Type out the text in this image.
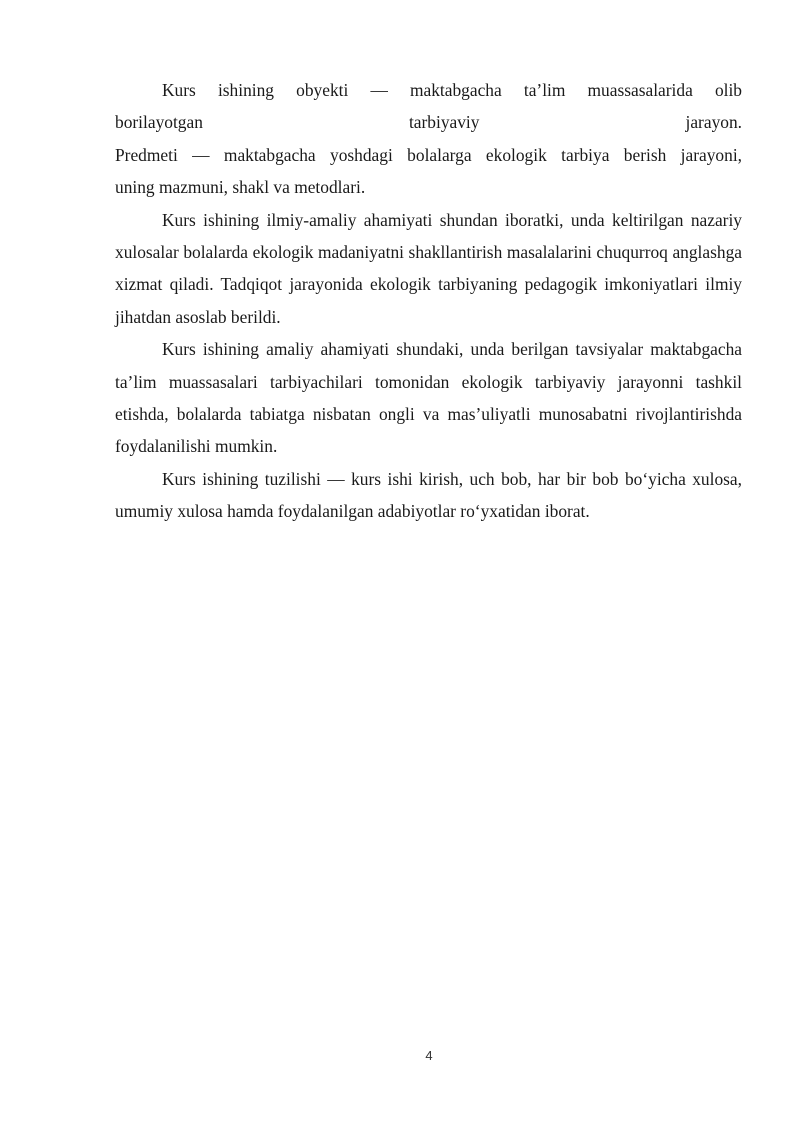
Kurs ishining obyekti — maktabgacha ta’lim muassasalarida olib
borilayotgan tarbiyaviy jarayon.
Predmeti — maktabgacha yoshdagi bolalarga ekologik tarbiya berish jarayoni,
uning mazmuni, shakl va metodlari.

Kurs ishining ilmiy-amaliy ahamiyati shundan iboratki, unda keltirilgan nazariy xulosalar bolalarda ekologik madaniyatni shakllantirish masalalarini chuqurroq anglashga xizmat qiladi. Tadqiqot jarayonida ekologik tarbiyaning pedagogik imkoniyatlari ilmiy jihatdan asoslab berildi.

Kurs ishining amaliy ahamiyati shundaki, unda berilgan tavsiyalar maktabgacha ta’lim muassasalari tarbiyachilari tomonidan ekologik tarbiyaviy jarayonni tashkil etishda, bolalarda tabiatga nisbatan ongli va mas’uliyatli munosabatni rivojlantirishda foydalanilishi mumkin.

Kurs ishining tuzilishi — kurs ishi kirish, uch bob, har bir bob bo‘yicha xulosa, umumiy xulosa hamda foydalanilgan adabiyotlar ro‘yxatidan iborat.

4
